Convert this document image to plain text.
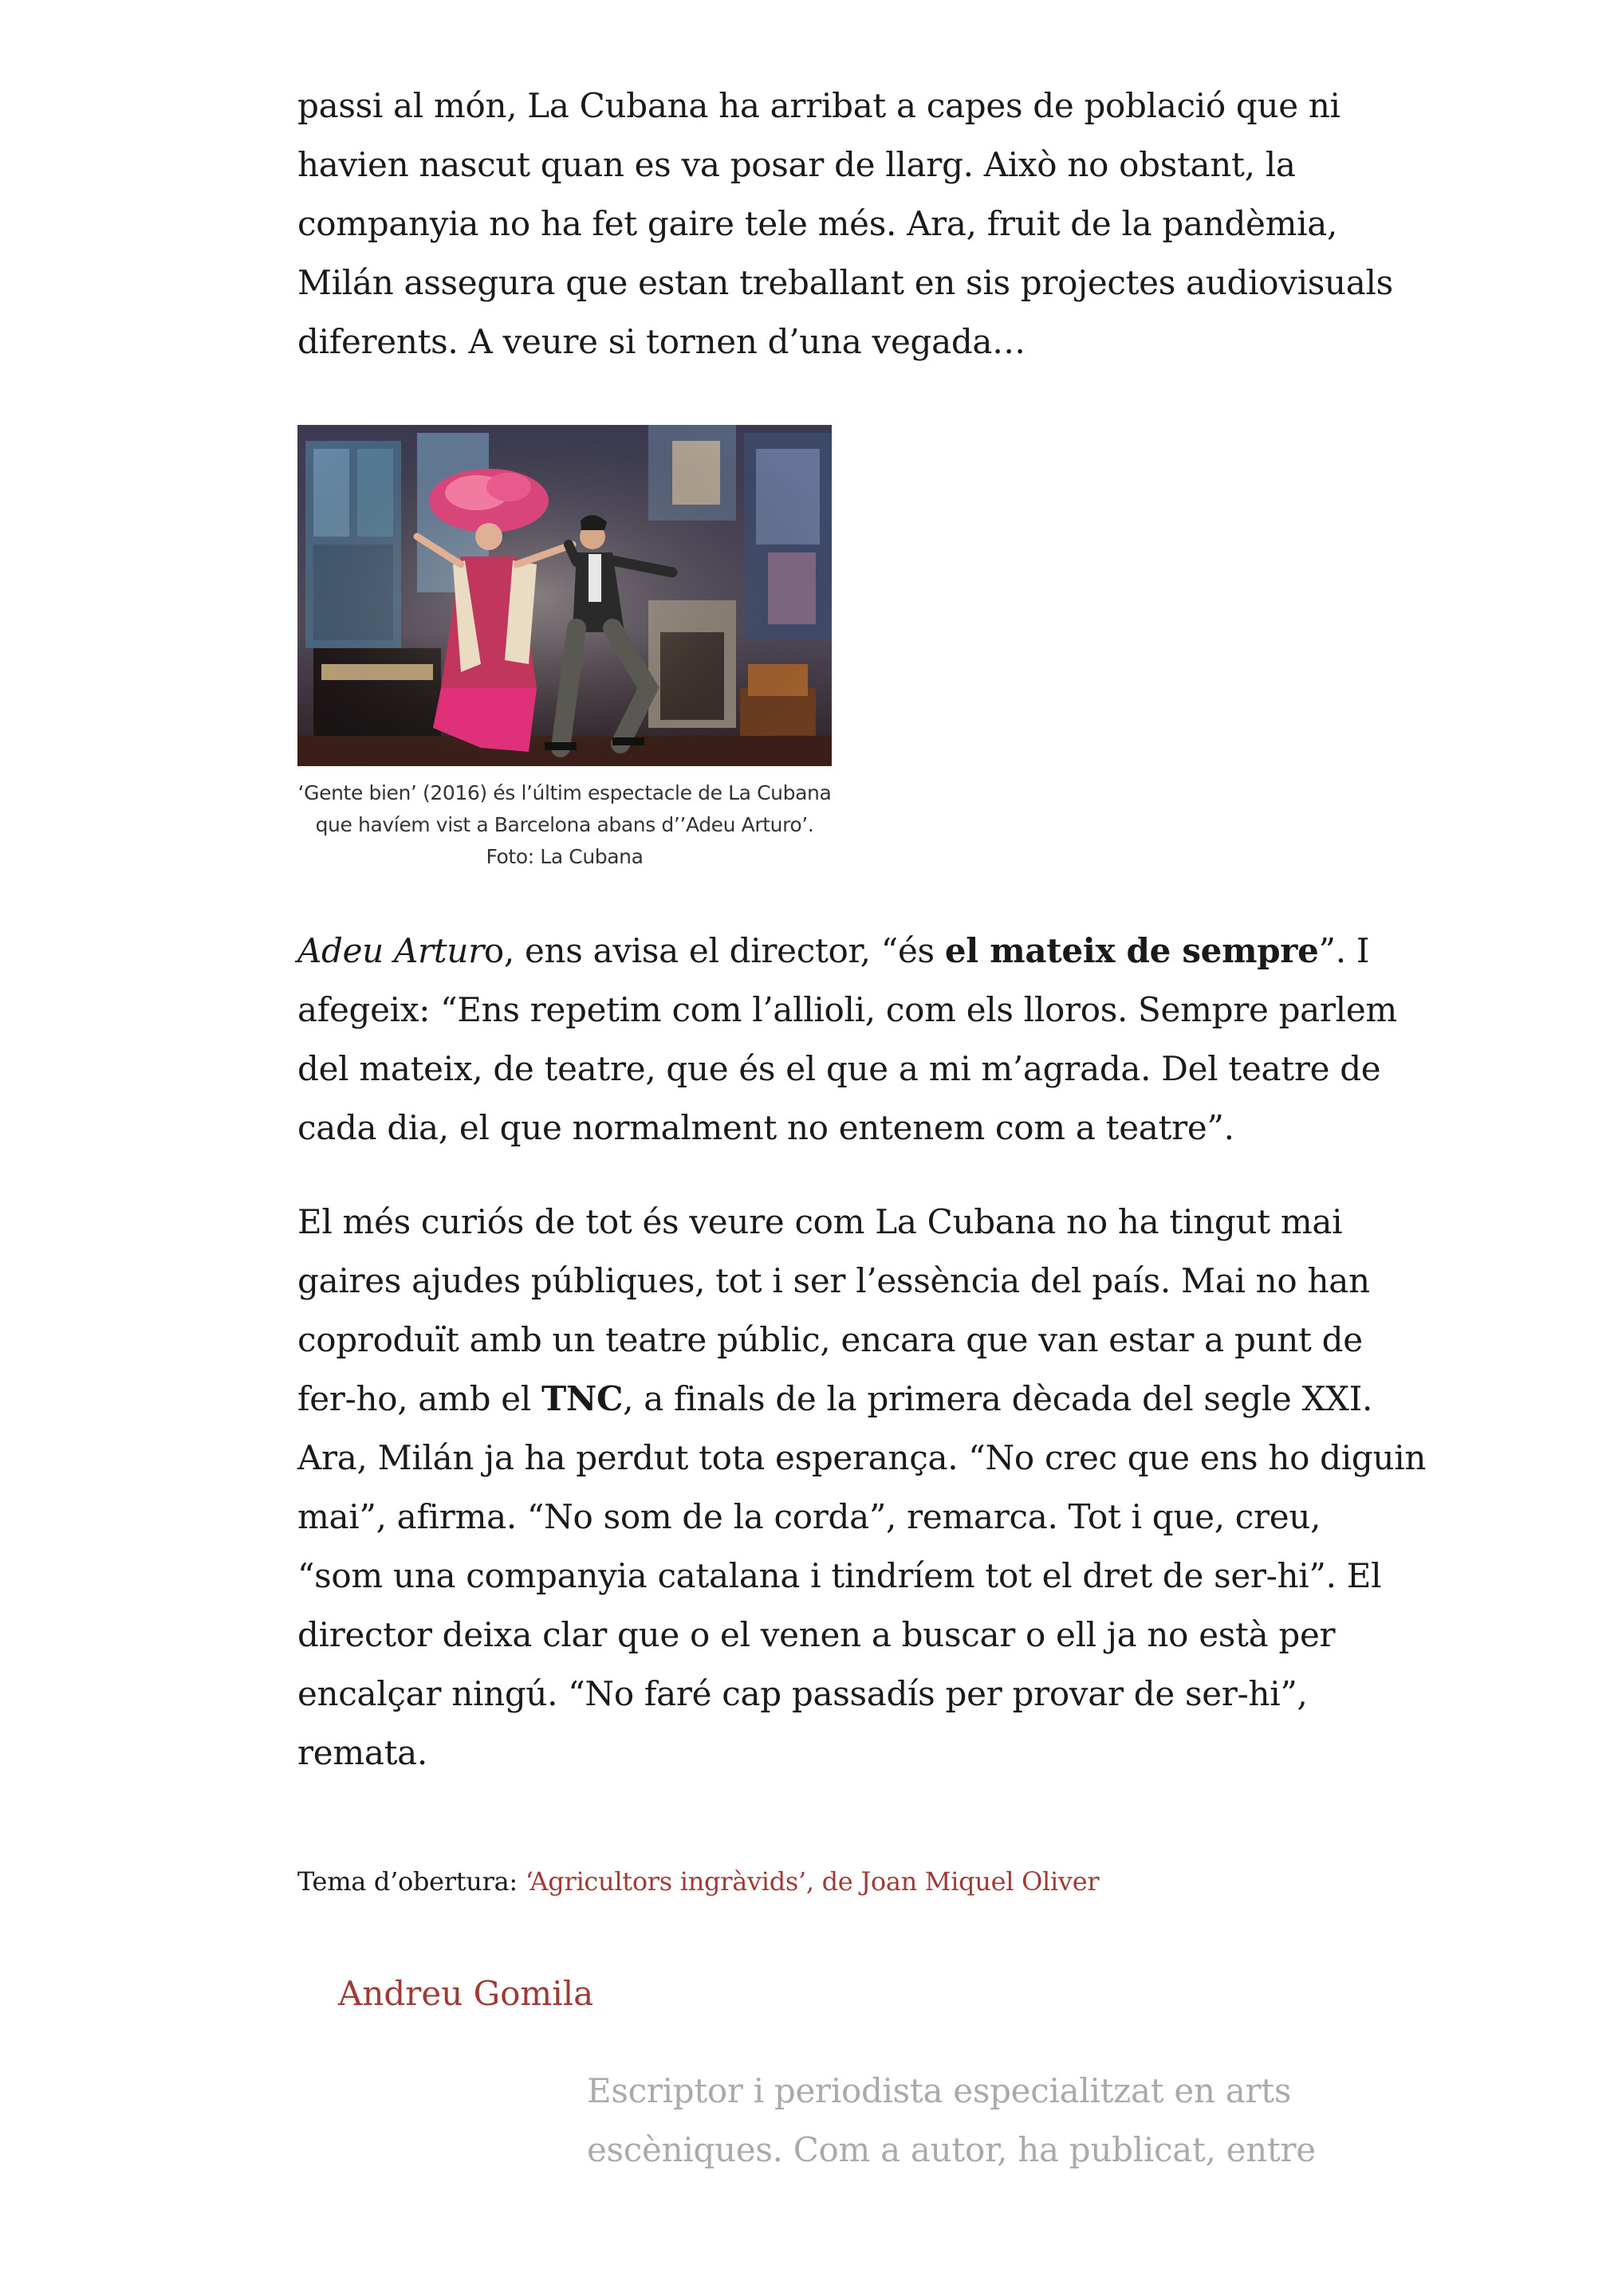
passi al món, La Cubana ha arribat a capes de població que ni
havien nascut quan es va posar de llarg. Això no obstant, la
companyia no ha fet gaire tele més. Ara, fruit de la pandèmia,
Milán assegura que estan treballant en sis projectes audiovisuals
diferents. A veure si tornen d’una vegada…

‘Gente bien’ (2016) és l’últim espectacle de La Cubana
que havíem vist a Barcelona abans d’’Adeu Arturo’.
Foto: La Cubana

Adeu Arturo, ens avisa el director, “és el mateix de sempre”. I
afegeix: “Ens repetim com l’allioli, com els lloros. Sempre parlem
del mateix, de teatre, que és el que a mi m’agrada. Del teatre de
cada dia, el que normalment no entenem com a teatre”.

El més curiós de tot és veure com La Cubana no ha tingut mai
gaires ajudes públiques, tot i ser l’essència del país. Mai no han
coproduït amb un teatre públic, encara que van estar a punt de
fer-ho, amb el TNC, a finals de la primera dècada del segle XXI.
Ara, Milán ja ha perdut tota esperança. “No crec que ens ho diguin
mai”, afirma. “No som de la corda”, remarca. Tot i que, creu,
“som una companyia catalana i tindríem tot el dret de ser-hi”. El
director deixa clar que o el venen a buscar o ell ja no està per
encalçar ningú. “No faré cap passadís per provar de ser-hi”,
remata.

Tema d’obertura: ‘Agricultors ingràvids’, de Joan Miquel Oliver
Andreu Gomila
Escriptor i periodista especialitzat en arts
escèniques. Com a autor, ha publicat, entre
